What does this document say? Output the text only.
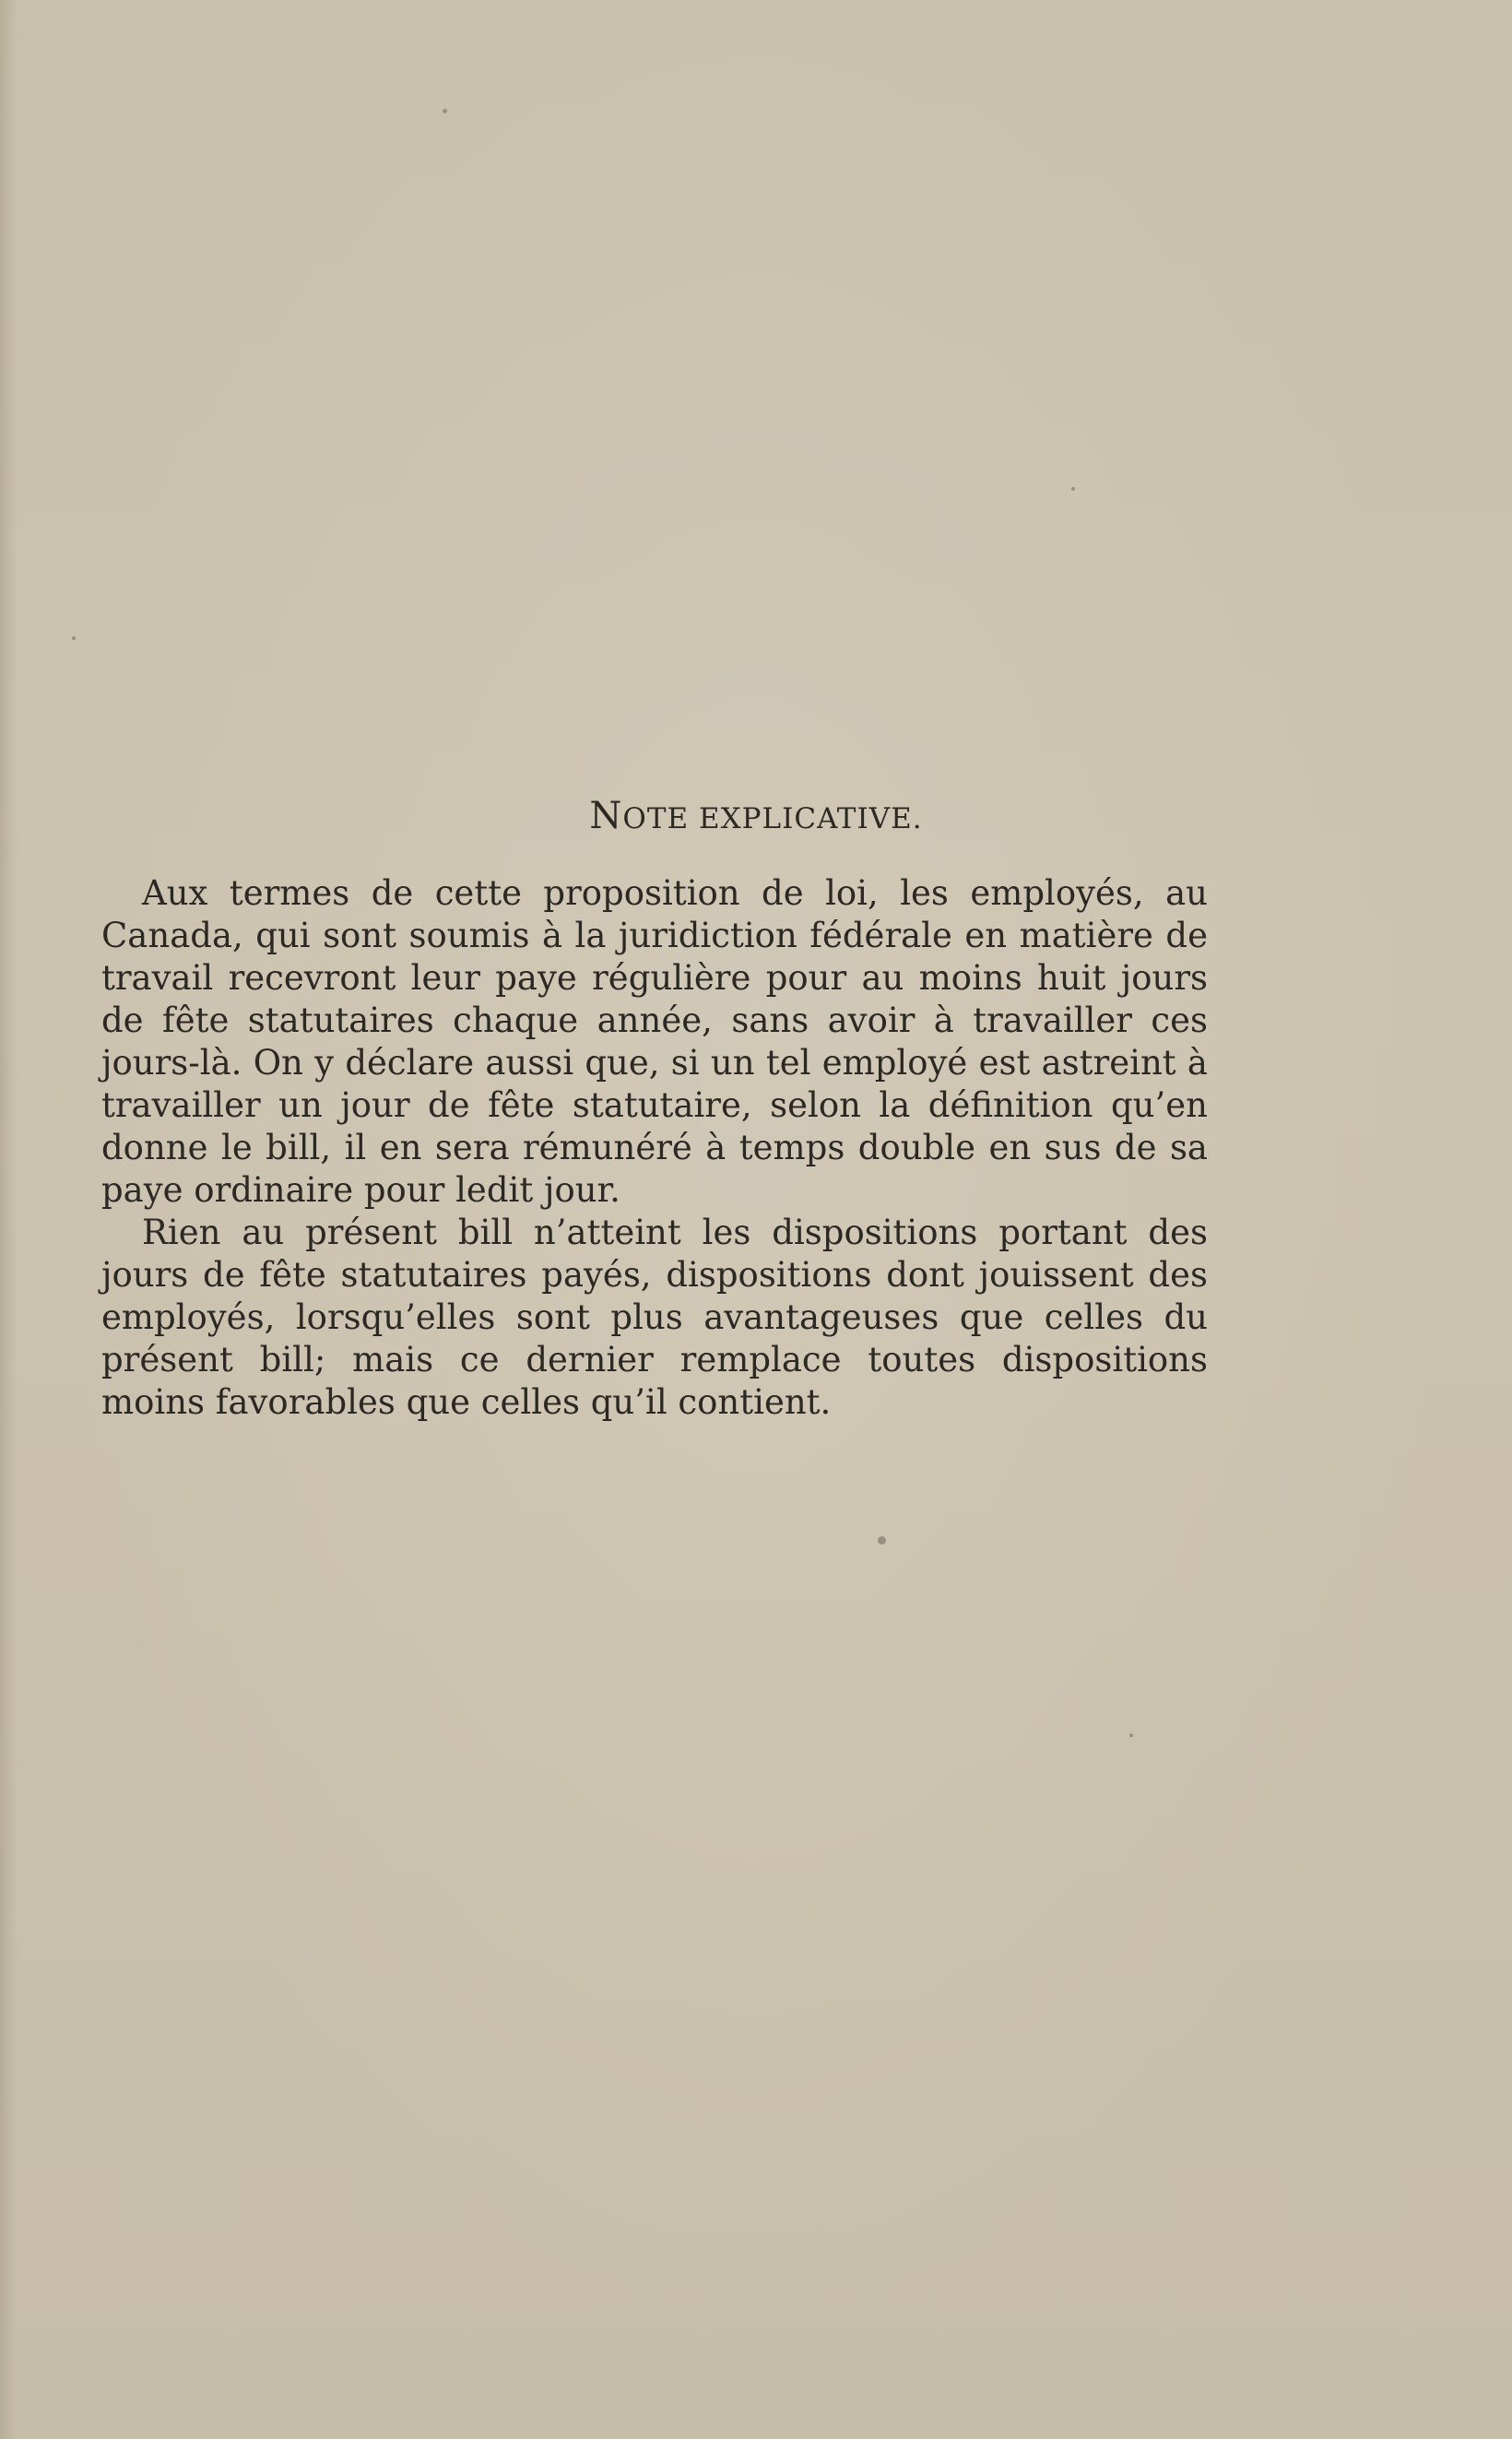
NOTE EXPLICATIVE.

Aux termes de cette proposition de loi, les employés, au Canada, qui sont soumis à la juridiction fédérale en matière de travail recevront leur paye régulière pour au moins huit jours de fête statutaires chaque année, sans avoir à travailler ces jours-là. On y déclare aussi que, si un tel employé est astreint à travailler un jour de fête statutaire, selon la définition qu’en donne le bill, il en sera rémunéré à temps double en sus de sa paye ordinaire pour ledit jour.

Rien au présent bill n’atteint les dispositions portant des jours de fête statutaires payés, dispositions dont jouissent des employés, lorsqu’elles sont plus avantageuses que celles du présent bill; mais ce dernier remplace toutes dispositions moins favorables que celles qu’il contient.
